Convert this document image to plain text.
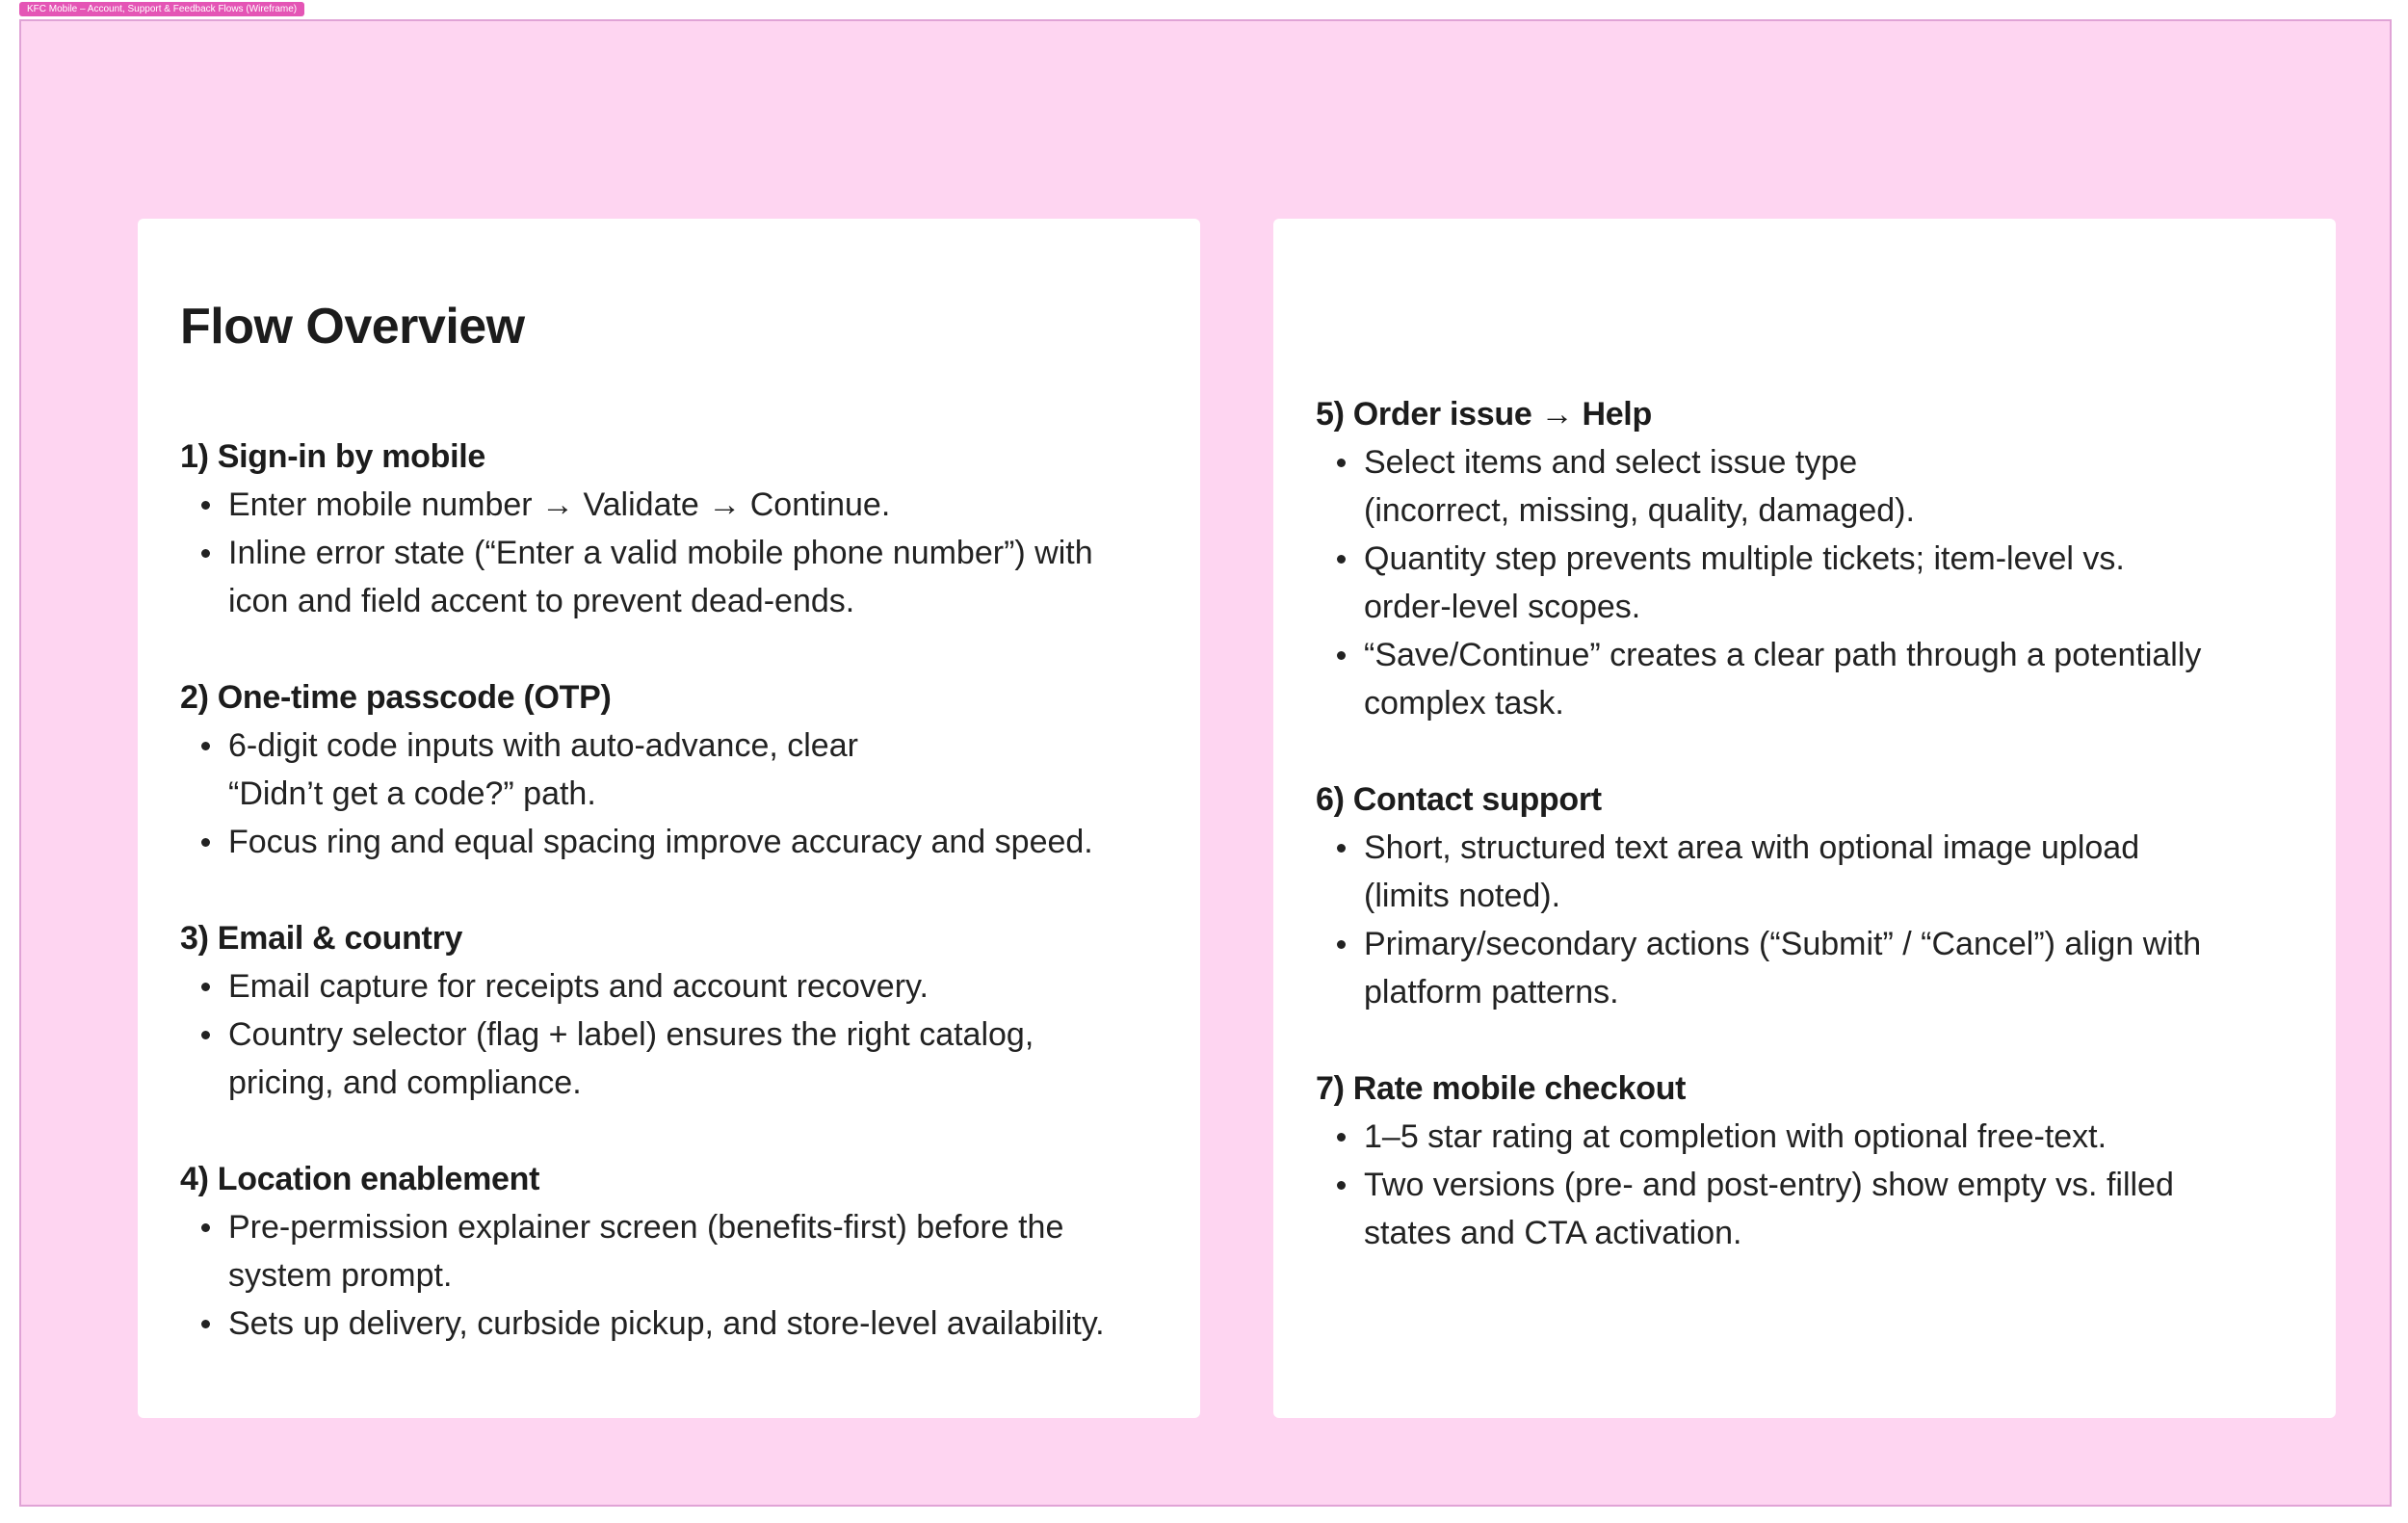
KFC Mobile – Account, Support & Feedback Flows (Wireframe)
Flow Overview
1) Sign-in by mobile
Enter mobile number → Validate → Continue.
Inline error state (“Enter a valid mobile phone number”) with
icon and field accent to prevent dead-ends.
2) One-time passcode (OTP)
6-digit code inputs with auto-advance, clear
“Didn’t get a code?” path.
Focus ring and equal spacing improve accuracy and speed.
3) Email & country
Email capture for receipts and account recovery.
Country selector (flag + label) ensures the right catalog,
pricing, and compliance.
4) Location enablement
Pre-permission explainer screen (benefits-first) before the
system prompt.
Sets up delivery, curbside pickup, and store-level availability.
5) Order issue → Help
Select items and select issue type
(incorrect, missing, quality, damaged).
Quantity step prevents multiple tickets; item-level vs.
order-level scopes.
“Save/Continue” creates a clear path through a potentially
complex task.
6) Contact support
Short, structured text area with optional image upload
(limits noted).
Primary/secondary actions (“Submit” / “Cancel”) align with
platform patterns.
7) Rate mobile checkout
1–5 star rating at completion with optional free-text.
Two versions (pre- and post-entry) show empty vs. filled
states and CTA activation.
